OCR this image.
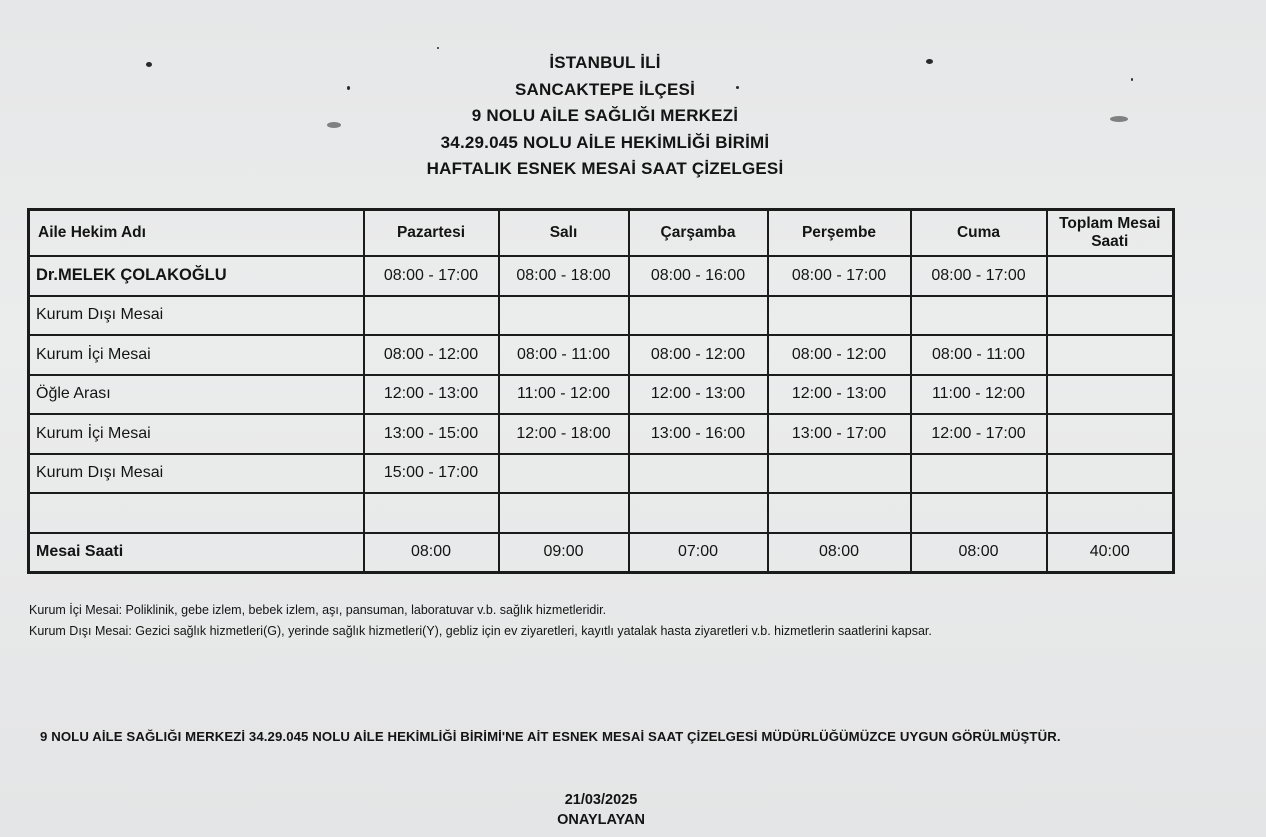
İSTANBUL İLİ
SANCAKTEPE İLÇESİ
9 NOLU AİLE SAĞLIĞI MERKEZİ
34.29.045 NOLU AİLE HEKİMLİĞİ BİRİMİ
HAFTALIK ESNEK MESAİ SAAT ÇİZELGESİ
Aile Hekim Adı	Pazartesi	Salı	Çarşamba	Perşembe	Cuma	Toplam Mesai Saati
Dr.MELEK ÇOLAKOĞLU	08:00 - 17:00	08:00 - 18:00	08:00 - 16:00	08:00 - 17:00	08:00 - 17:00	
Kurum Dışı Mesai						
Kurum İçi Mesai	08:00 - 12:00	08:00 - 11:00	08:00 - 12:00	08:00 - 12:00	08:00 - 11:00	
Öğle Arası	12:00 - 13:00	11:00 - 12:00	12:00 - 13:00	12:00 - 13:00	11:00 - 12:00	
Kurum İçi Mesai	13:00 - 15:00	12:00 - 18:00	13:00 - 16:00	13:00 - 17:00	12:00 - 17:00	
Kurum Dışı Mesai	15:00 - 17:00					

Mesai Saati	08:00	09:00	07:00	08:00	08:00	40:00
Kurum İçi Mesai: Poliklinik, gebe izlem, bebek izlem, aşı, pansuman, laboratuvar v.b. sağlık hizmetleridir.
Kurum Dışı Mesai: Gezici sağlık hizmetleri(G), yerinde sağlık hizmetleri(Y), gebliz için ev ziyaretleri, kayıtlı yatalak hasta ziyaretleri v.b. hizmetlerin saatlerini kapsar.
9 NOLU AİLE SAĞLIĞI MERKEZİ 34.29.045 NOLU AİLE HEKİMLİĞİ BİRİMİ'NE AİT ESNEK MESAİ SAAT ÇİZELGESİ MÜDÜRLÜĞÜMÜZCE UYGUN GÖRÜLMÜŞTÜR.
21/03/2025
ONAYLAYAN
